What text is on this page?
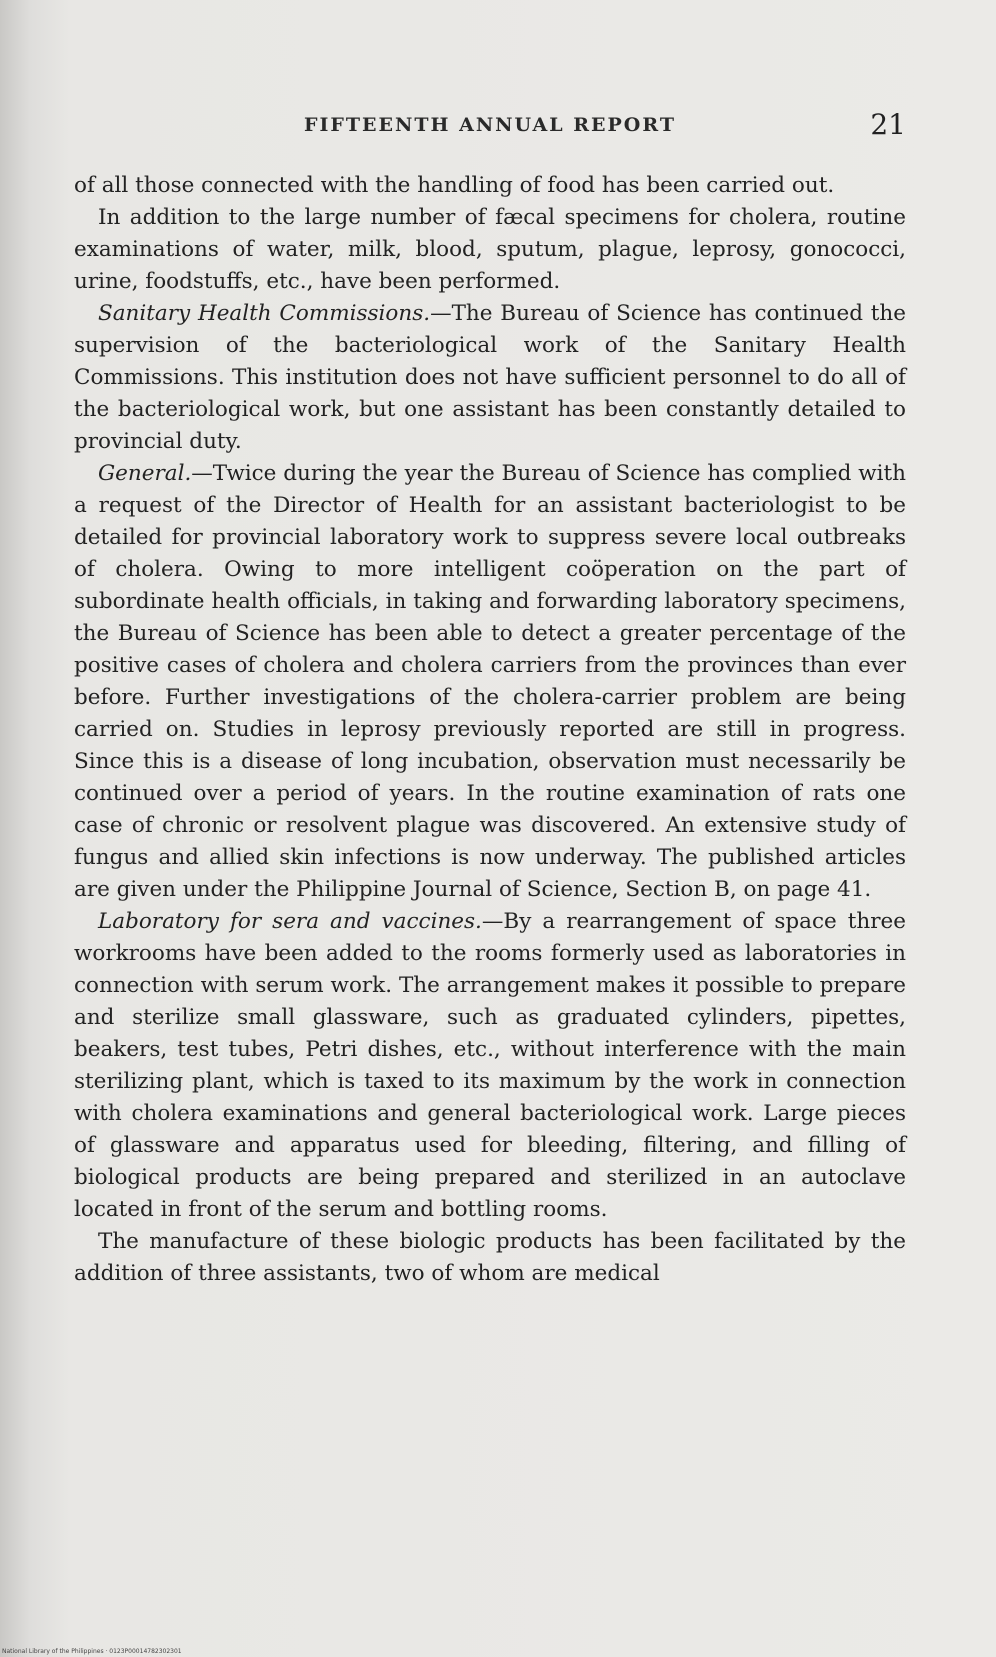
FIFTEENTH ANNUAL REPORT	21

of all those connected with the handling of food has been carried out.

In addition to the large number of fæcal specimens for cholera, routine examinations of water, milk, blood, sputum, plague, leprosy, gonococci, urine, foodstuffs, etc., have been performed.

Sanitary Health Commissions.—The Bureau of Science has continued the supervision of the bacteriological work of the Sanitary Health Commissions. This institution does not have sufficient personnel to do all of the bacteriological work, but one assistant has been constantly detailed to provincial duty.

General.—Twice during the year the Bureau of Science has complied with a request of the Director of Health for an assistant bacteriologist to be detailed for provincial laboratory work to suppress severe local outbreaks of cholera. Owing to more intelligent coöperation on the part of subordinate health officials, in taking and forwarding laboratory specimens, the Bureau of Science has been able to detect a greater percentage of the positive cases of cholera and cholera carriers from the provinces than ever before. Further investigations of the cholera-carrier problem are being carried on. Studies in leprosy previously reported are still in progress. Since this is a disease of long incubation, observation must necessarily be continued over a period of years. In the routine examination of rats one case of chronic or resolvent plague was discovered. An extensive study of fungus and allied skin infections is now underway. The published articles are given under the Philippine Journal of Science, Section B, on page 41.

Laboratory for sera and vaccines.—By a rearrangement of space three workrooms have been added to the rooms formerly used as laboratories in connection with serum work. The arrangement makes it possible to prepare and sterilize small glassware, such as graduated cylinders, pipettes, beakers, test tubes, Petri dishes, etc., without interference with the main sterilizing plant, which is taxed to its maximum by the work in connection with cholera examinations and general bacteriological work. Large pieces of glassware and apparatus used for bleeding, filtering, and filling of biological products are being prepared and sterilized in an autoclave located in front of the serum and bottling rooms.

The manufacture of these biologic products has been facilitated by the addition of three assistants, two of whom are medical

National Library of the Philippines · 0123P00014782302301
